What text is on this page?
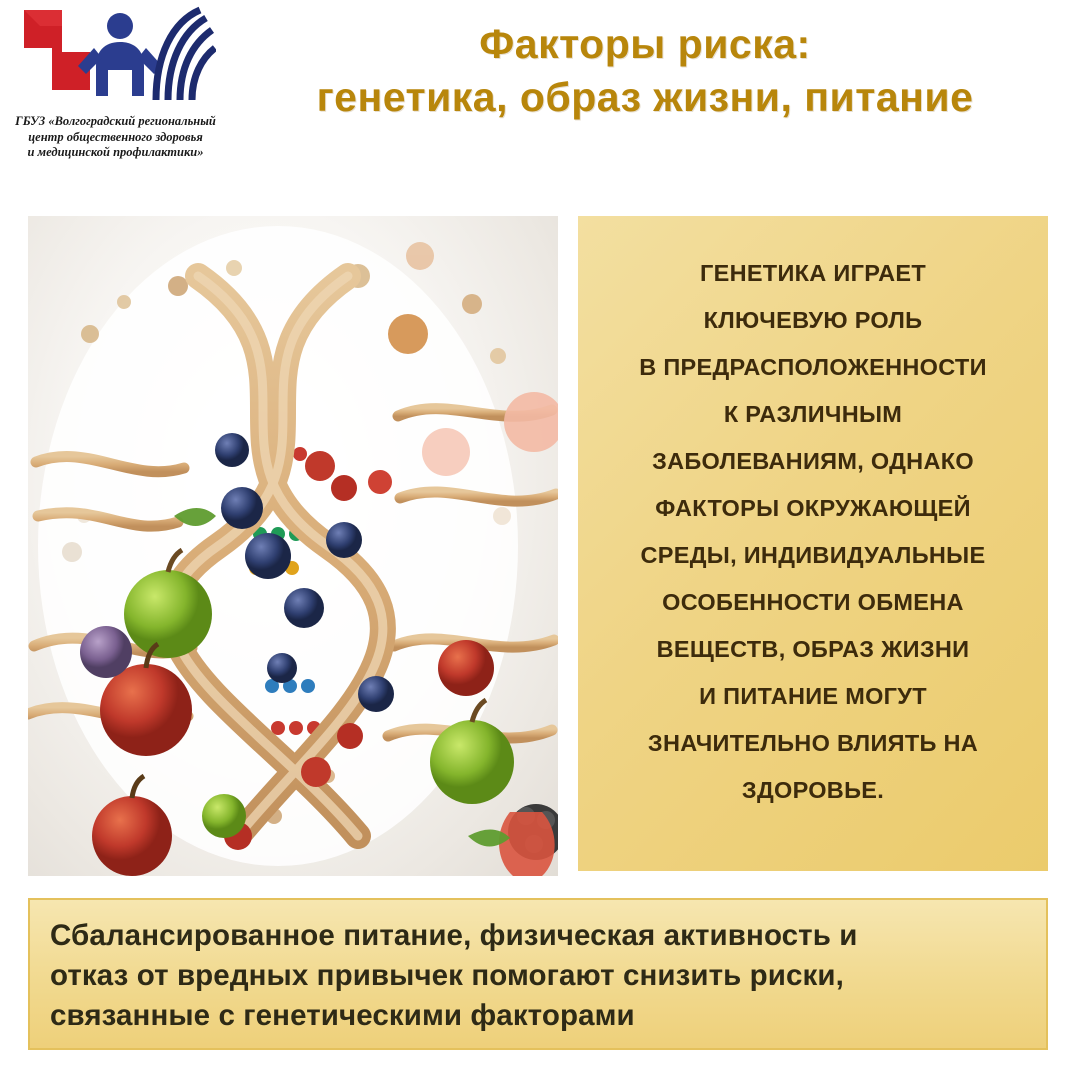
ГБУЗ «Волгоградский региональный
центр общественного здоровья
и медицинской профилактики»
Факторы риска:
генетика, образ жизни, питание
ГЕНЕТИКА ИГРАЕТ
КЛЮЧЕВУЮ РОЛЬ
В ПРЕДРАСПОЛОЖЕННОСТИ
К РАЗЛИЧНЫМ
ЗАБОЛЕВАНИЯМ, ОДНАКО
ФАКТОРЫ ОКРУЖАЮЩЕЙ
СРЕДЫ, ИНДИВИДУАЛЬНЫЕ
ОСОБЕННОСТИ ОБМЕНА
ВЕЩЕСТВ, ОБРАЗ ЖИЗНИ
И ПИТАНИЕ МОГУТ
ЗНАЧИТЕЛЬНО ВЛИЯТЬ НА
ЗДОРОВЬЕ.
Сбалансированное питание, физическая активность и
отказ от вредных привычек помогают снизить риски,
связанные с генетическими факторами
